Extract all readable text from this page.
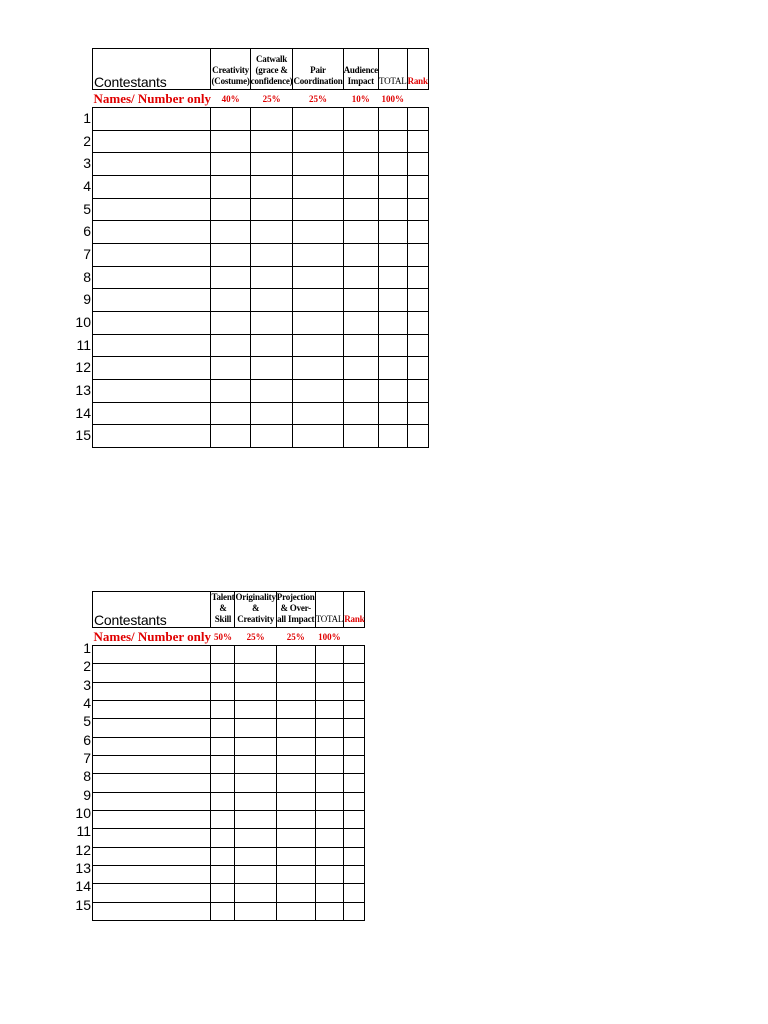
Contestants	Creativity (Costume)	Catwalk (grace & confidence)	Pair Coordination	Audience Impact	TOTAL	Rank
Names/ Number only	40%	25%	25%	10%	100%	

1
2
3
4
5
6
7
8
9
10
11
12
13
14
15
Contestants	Talent & Skill	Originality & Creativity	Projection & Over-all Impact	TOTAL	Rank
Names/ Number only	50%	25%	25%	100%	

1
2
3
4
5
6
7
8
9
10
11
12
13
14
15
